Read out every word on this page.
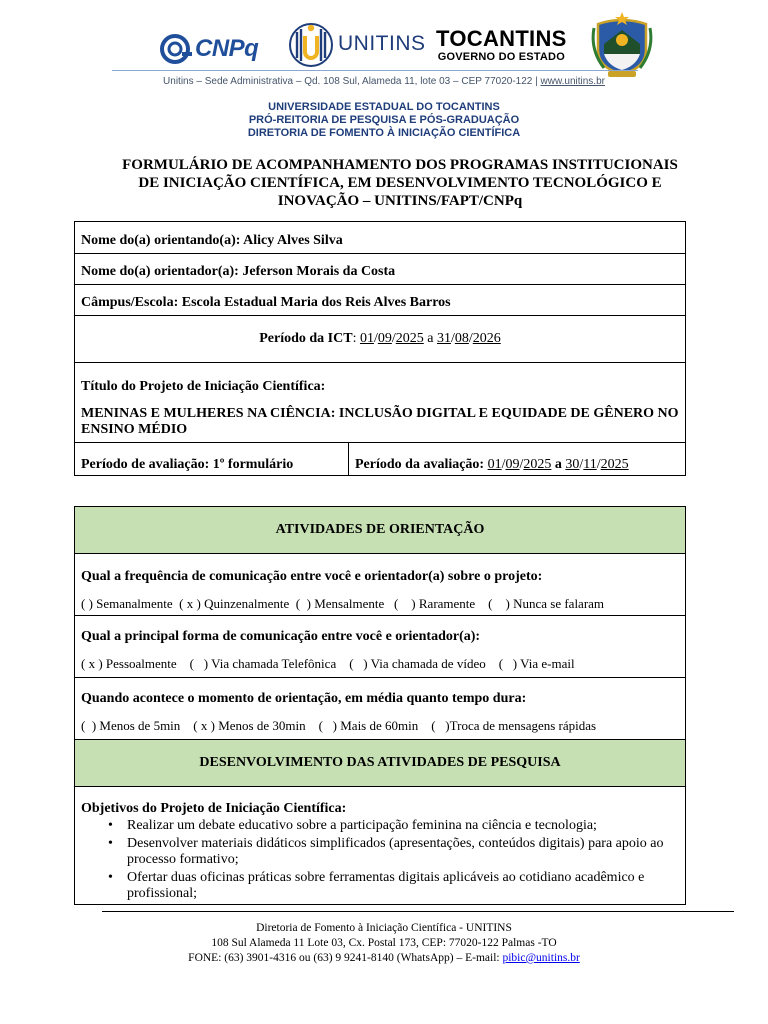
CNPq	UNITINS TOCANTINS
GOVERNO DO ESTADO
Unitins – Sede Administrativa – Qd. 108 Sul, Alameda 11, lote 03 – CEP 77020-122 | www.unitins.br
UNIVERSIDADE ESTADUAL DO TOCANTINS
PRÓ-REITORIA DE PESQUISA E PÓS-GRADUAÇÃO
DIRETORIA DE FOMENTO À INICIAÇÃO CIENTÍFICA
FORMULÁRIO DE ACOMPANHAMENTO DOS PROGRAMAS INSTITUCIONAIS
DE INICIAÇÃO CIENTÍFICA, EM DESENVOLVIMENTO TECNOLÓGICO E
INOVAÇÃO – UNITINS/FAPT/CNPq
Nome do(a) orientando(a): Alicy Alves Silva
Nome do(a) orientador(a): Jeferson Morais da Costa
Câmpus/Escola: Escola Estadual Maria dos Reis Alves Barros
Período da ICT: 01/09/2025 a 31/08/2026
Título do Projeto de Iniciação Científica:
MENINAS E MULHERES NA CIÊNCIA: INCLUSÃO DIGITAL E EQUIDADE DE GÊNERO NO ENSINO MÉDIO
Período de avaliação: 1º formulário	Período da avaliação: 01/09/2025 a 30/11/2025
ATIVIDADES DE ORIENTAÇÃO
Qual a frequência de comunicação entre você e orientador(a) sobre o projeto:
( ) Semanalmente  ( x ) Quinzenalmente  (  ) Mensalmente   (    ) Raramente    (    ) Nunca se falaram
Qual a principal forma de comunicação entre você e orientador(a):
( x ) Pessoalmente    (   ) Via chamada Telefônica    (   ) Via chamada de vídeo    (   ) Via e-mail
Quando acontece o momento de orientação, em média quanto tempo dura:
(  ) Menos de 5min    ( x ) Menos de 30min    (   ) Mais de 60min    (   )Troca de mensagens rápidas
DESENVOLVIMENTO DAS ATIVIDADES DE PESQUISA
Objetivos do Projeto de Iniciação Científica:
• Realizar um debate educativo sobre a participação feminina na ciência e tecnologia;
• Desenvolver materiais didáticos simplificados (apresentações, conteúdos digitais) para apoio ao processo formativo;
• Ofertar duas oficinas práticas sobre ferramentas digitais aplicáveis ao cotidiano acadêmico e profissional;
Diretoria de Fomento à Iniciação Científica - UNITINS
108 Sul Alameda 11 Lote 03, Cx. Postal 173, CEP: 77020-122 Palmas -TO
FONE: (63) 3901-4316 ou (63) 9 9241-8140 (WhatsApp) – E-mail: pibic@unitins.br
